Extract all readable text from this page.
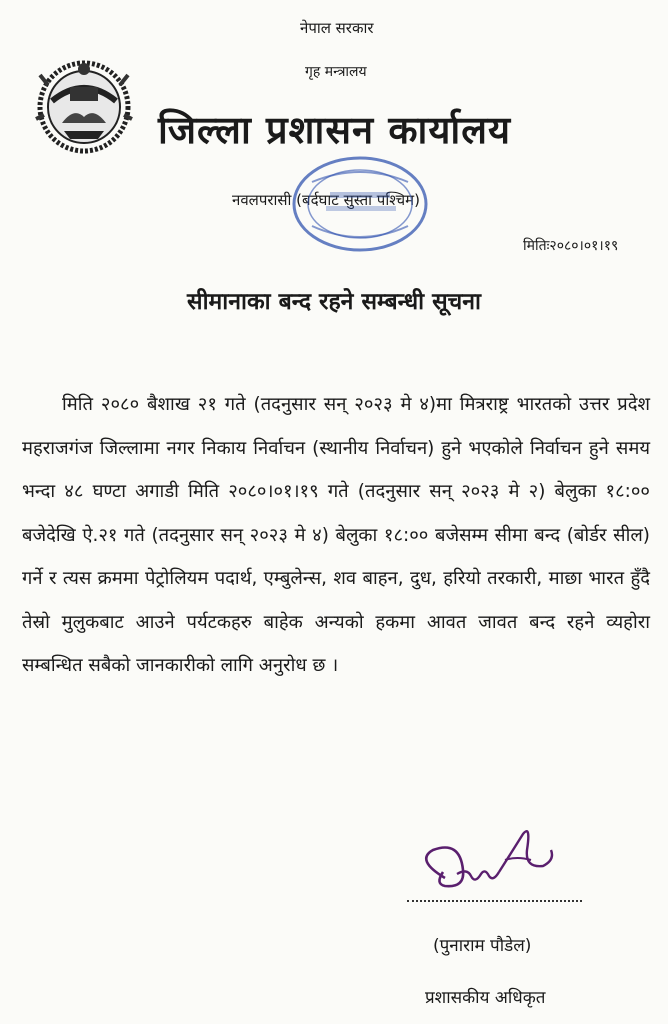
नेपाल सरकार
गृह मन्त्रालय
जिल्ला प्रशासन कार्यालय
नवलपरासी (बर्दघाट सुस्ता पश्चिम)
मितिः२०८०।०१।१९
सीमानाका बन्द रहने सम्बन्धी सूचना

मिति २०८० बैशाख २१ गते (तदनुसार सन् २०२३ मे ४)मा मित्रराष्ट्र भारतको उत्तर प्रदेश महराजगंज जिल्लामा नगर निकाय निर्वाचन (स्थानीय निर्वाचन) हुने भएकोले निर्वाचन हुने समय भन्दा ४८ घण्टा अगाडी मिति २०८०।०१।१९ गते (तदनुसार सन् २०२३ मे २) बेलुका १८:०० बजेदेखि ऐ.२१ गते (तदनुसार सन् २०२३ मे ४) बेलुका १८:०० बजेसम्म सीमा बन्द (बोर्डर सील) गर्ने र त्यस क्रममा पेट्रोलियम पदार्थ, एम्बुलेन्स, शव बाहन, दुध, हरियो तरकारी, माछा भारत हुँदै तेस्रो मुलुकबाट आउने पर्यटकहरु बाहेक अन्यको हकमा आवत जावत बन्द रहने व्यहोरा सम्बन्धित सबैको जानकारीको लागि अनुरोध छ ।

(पुनाराम पौडेल)
प्रशासकीय अधिकृत
